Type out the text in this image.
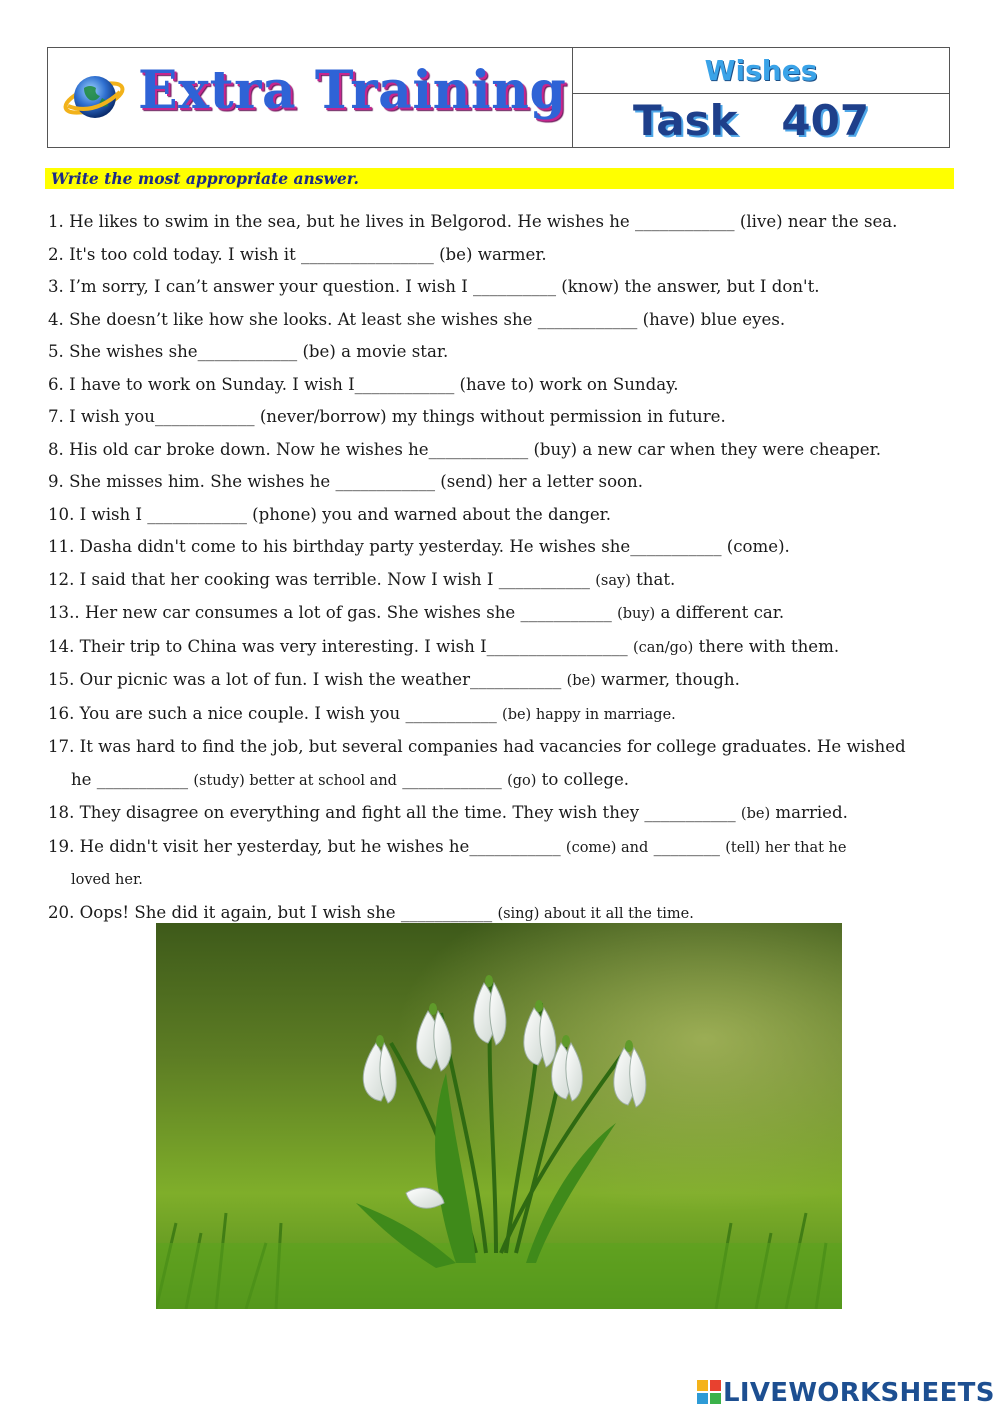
Extra Training	Wishes
Task   407
Write the most appropriate answer.

1. He likes to swim in the sea, but he lives in Belgorod. He wishes he ____________ (live) near the sea.

2. It's too cold today. I wish it ________________ (be) warmer.

3. I’m sorry, I can’t answer your question. I wish I __________ (know) the answer, but I don't.

4. She doesn’t like how she looks. At least she wishes she ____________ (have) blue eyes.

5. She wishes she____________ (be) a movie star.

6. I have to work on Sunday. I wish I____________ (have to) work on Sunday.

7. I wish you____________ (never/borrow) my things without permission in future.

8. His old car broke down. Now he wishes he____________ (buy) a new car when they were cheaper.

9. She misses him. She wishes he ____________ (send) her a letter soon.

10. I wish I ____________ (phone) you and warned about the danger.

11. Dasha didn't come to his birthday party yesterday. He wishes she___________ (come).

12. I said that her cooking was terrible. Now I wish I ___________ (say) that.

13.. Her new car consumes a lot of gas. She wishes she ___________ (buy) a different car.

14. Their trip to China was very interesting. I wish I_________________ (can/go) there with them.

15. Our picnic was a lot of fun. I wish the weather___________ (be) warmer, though.

16. You are such a nice couple. I wish you ___________ (be) happy in marriage.

17. It was hard to find the job, but several companies had vacancies for college graduates. He wished
he ___________ (study) better at school and ____________ (go) to college.

18. They disagree on everything and fight all the time. They wish they ___________ (be) married.

19. He didn't visit her yesterday, but he wishes he___________ (come) and ________ (tell) her that he
loved her.

20. Oops! She did it again, but I wish she ___________ (sing) about it all the time.

LIVEWORKSHEETS
